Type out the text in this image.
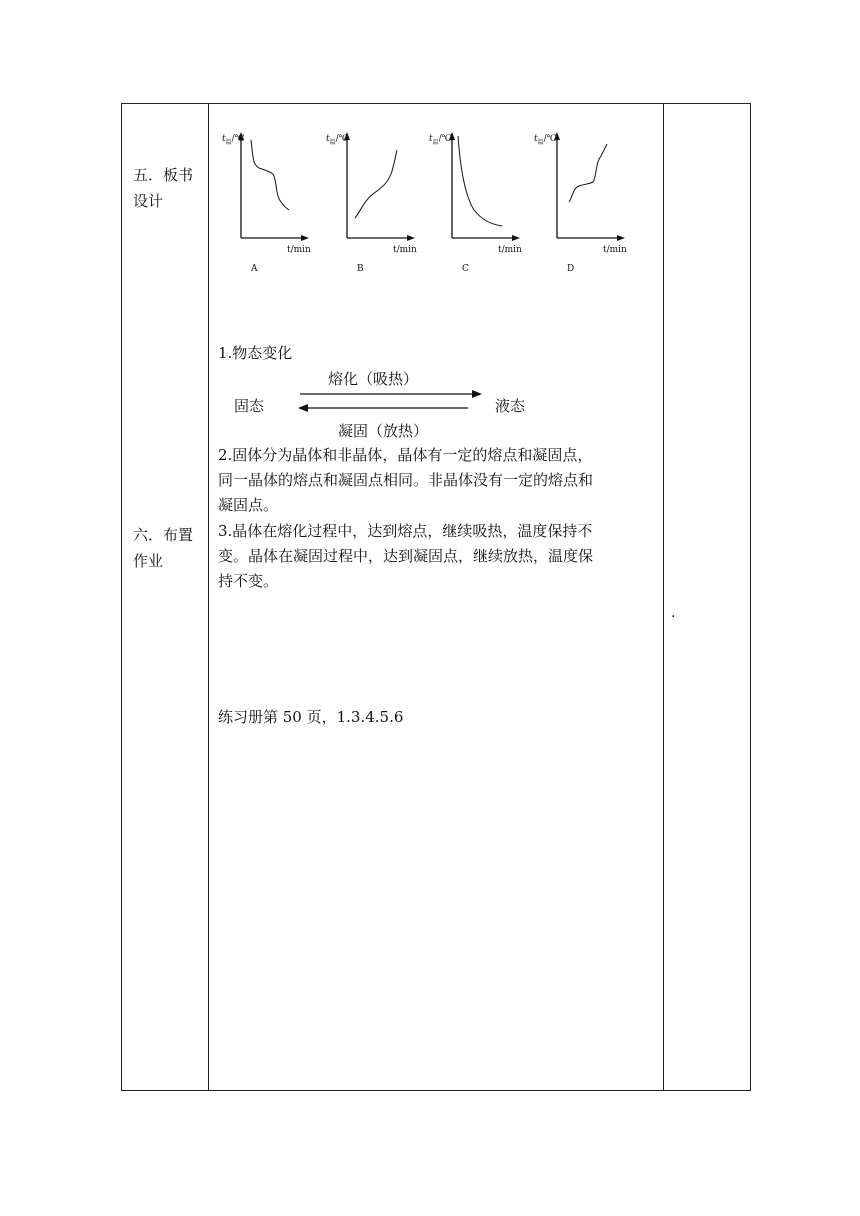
五．板书
设计
六．布置
作业
$t_温/℃$
t/min
A
$t_温/℃$
t/min
B
$t_温/℃$
t/min
C
$t_温/℃$
t/min
D
1.物态变化
熔化（吸热）
固态	液态
凝固（放热）
2.固体分为晶体和非晶体，晶体有一定的熔点和凝固点，
同一晶体的熔点和凝固点相同。非晶体没有一定的熔点和
凝固点。
3.晶体在熔化过程中，达到熔点，继续吸热，温度保持不
变。晶体在凝固过程中，达到凝固点，继续放热，温度保
持不变。
练习册第 50 页，1.3.4.5.6
.
